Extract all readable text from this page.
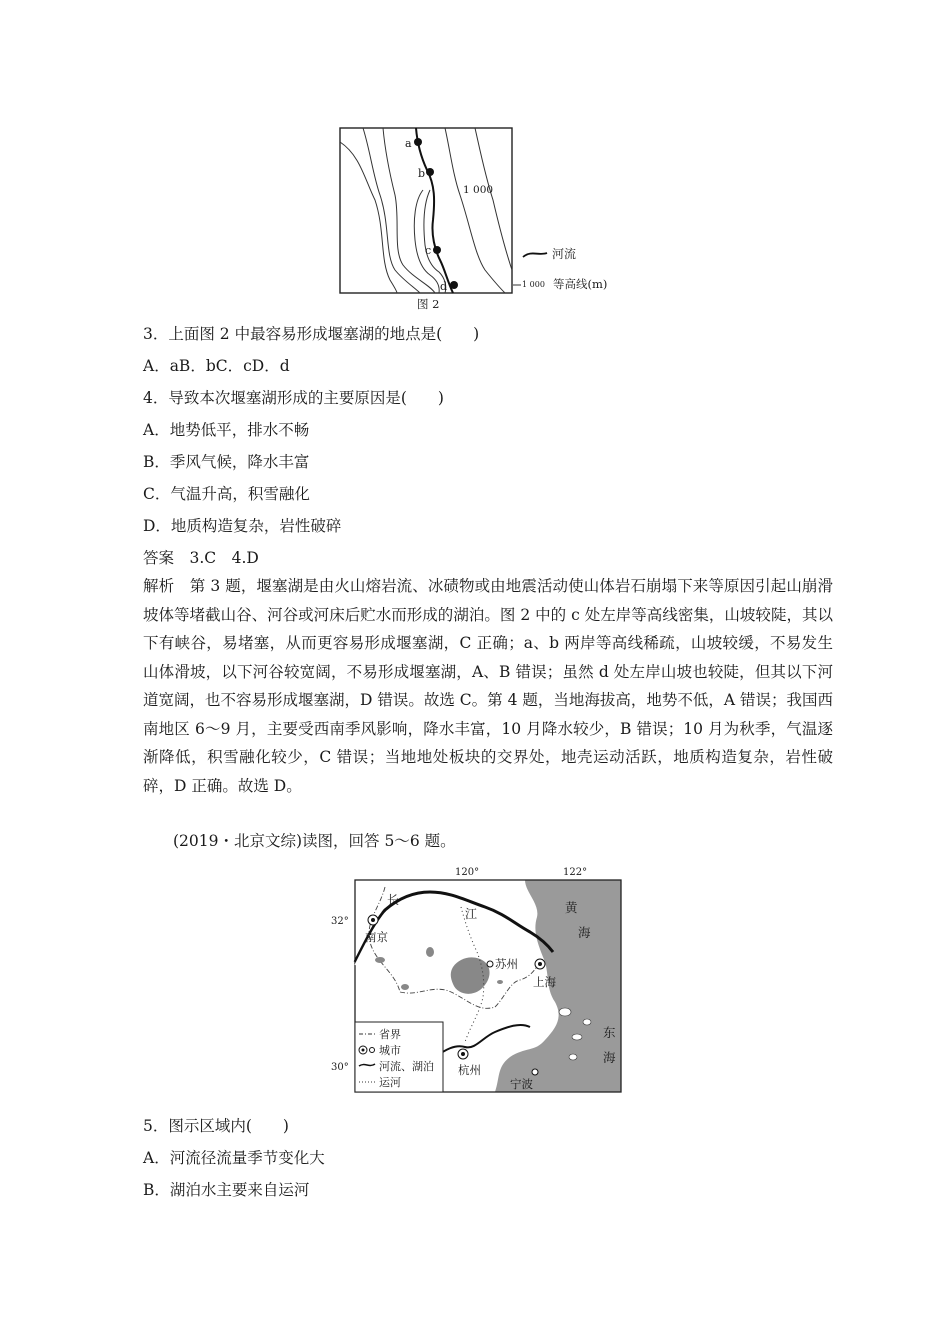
a
b
c
d
1 000
河流
1 000 等高线(m)
图 2
3．上面图 2 中最容易形成堰塞湖的地点是(　　)
A．aB．bC．cD．d
4．导致本次堰塞湖形成的主要原因是(　　)
A．地势低平，排水不畅
B．季风气候，降水丰富
C．气温升高，积雪融化
D．地质构造复杂，岩性破碎
答案　3.C　4.D
解析　第 3 题，堰塞湖是由火山熔岩流、冰碛物或由地震活动使山体岩石崩塌下来等原因引起山崩滑坡体等堵截山谷、河谷或河床后贮水而形成的湖泊。图 2 中的 c 处左岸等高线密集，山坡较陡，其以下有峡谷，易堵塞，从而更容易形成堰塞湖，C 正确；a、b 两岸等高线稀疏，山坡较缓，不易发生山体滑坡，以下河谷较宽阔，不易形成堰塞湖，A、B 错误；虽然 d 处左岸山坡也较陡，但其以下河道宽阔，也不容易形成堰塞湖，D 错误。故选 C。第 4 题，当地海拔高，地势不低，A 错误；我国西南地区 6～9 月，主要受西南季风影响，降水丰富，10 月降水较少，B 错误；10 月为秋季，气温逐渐降低，积雪融化较少，C 错误；当地地处板块的交界处，地壳运动活跃，地质构造复杂，岩性破碎，D 正确。故选 D。
(2019・北京文综)读图，回答 5～6 题。
120°	122°
32°
30°
长
江
南京
苏州
上海
杭州
宁波
黄
海
东
海
省界
城市
河流、湖泊
运河
5．图示区域内(　　)
A．河流径流量季节变化大
B．湖泊水主要来自运河
